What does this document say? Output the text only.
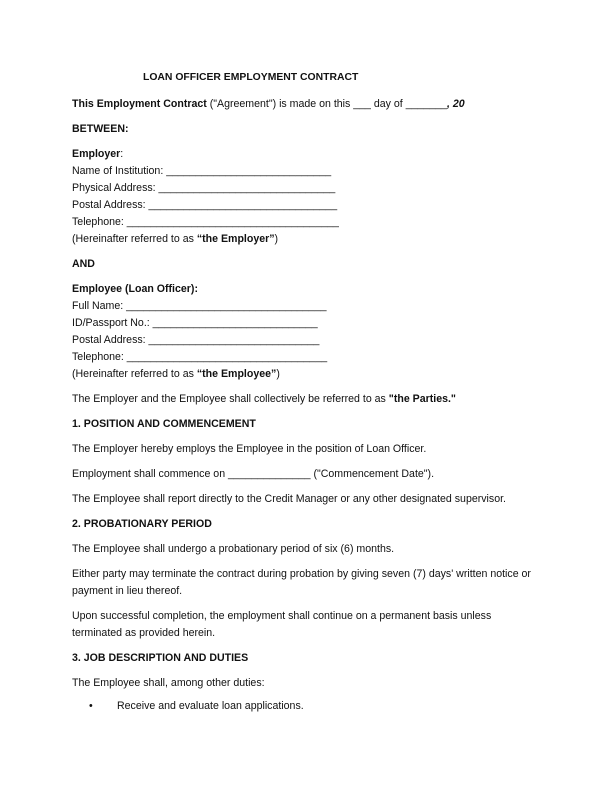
LOAN OFFICER EMPLOYMENT CONTRACT

This Employment Contract ("Agreement") is made on this ___ day of _______, 20

BETWEEN:

Employer:

Name of Institution: ____________________________

Physical Address: ______________________________

Postal Address: ________________________________

Telephone: ____________________________________

(Hereinafter referred to as “the Employer”)

AND

Employee (Loan Officer):

Full Name: __________________________________

ID/Passport No.: ____________________________

Postal Address: _____________________________

Telephone: __________________________________

(Hereinafter referred to as “the Employee”)

The Employer and the Employee shall collectively be referred to as "the Parties."

1. POSITION AND COMMENCEMENT

The Employer hereby employs the Employee in the position of Loan Officer.

Employment shall commence on ______________ ("Commencement Date").

The Employee shall report directly to the Credit Manager or any other designated supervisor.

2. PROBATIONARY PERIOD

The Employee shall undergo a probationary period of six (6) months.

Either party may terminate the contract during probation by giving seven (7) days' written notice or payment in lieu thereof.

Upon successful completion, the employment shall continue on a permanent basis unless terminated as provided herein.

3. JOB DESCRIPTION AND DUTIES

The Employee shall, among other duties:

•	Receive and evaluate loan applications.
